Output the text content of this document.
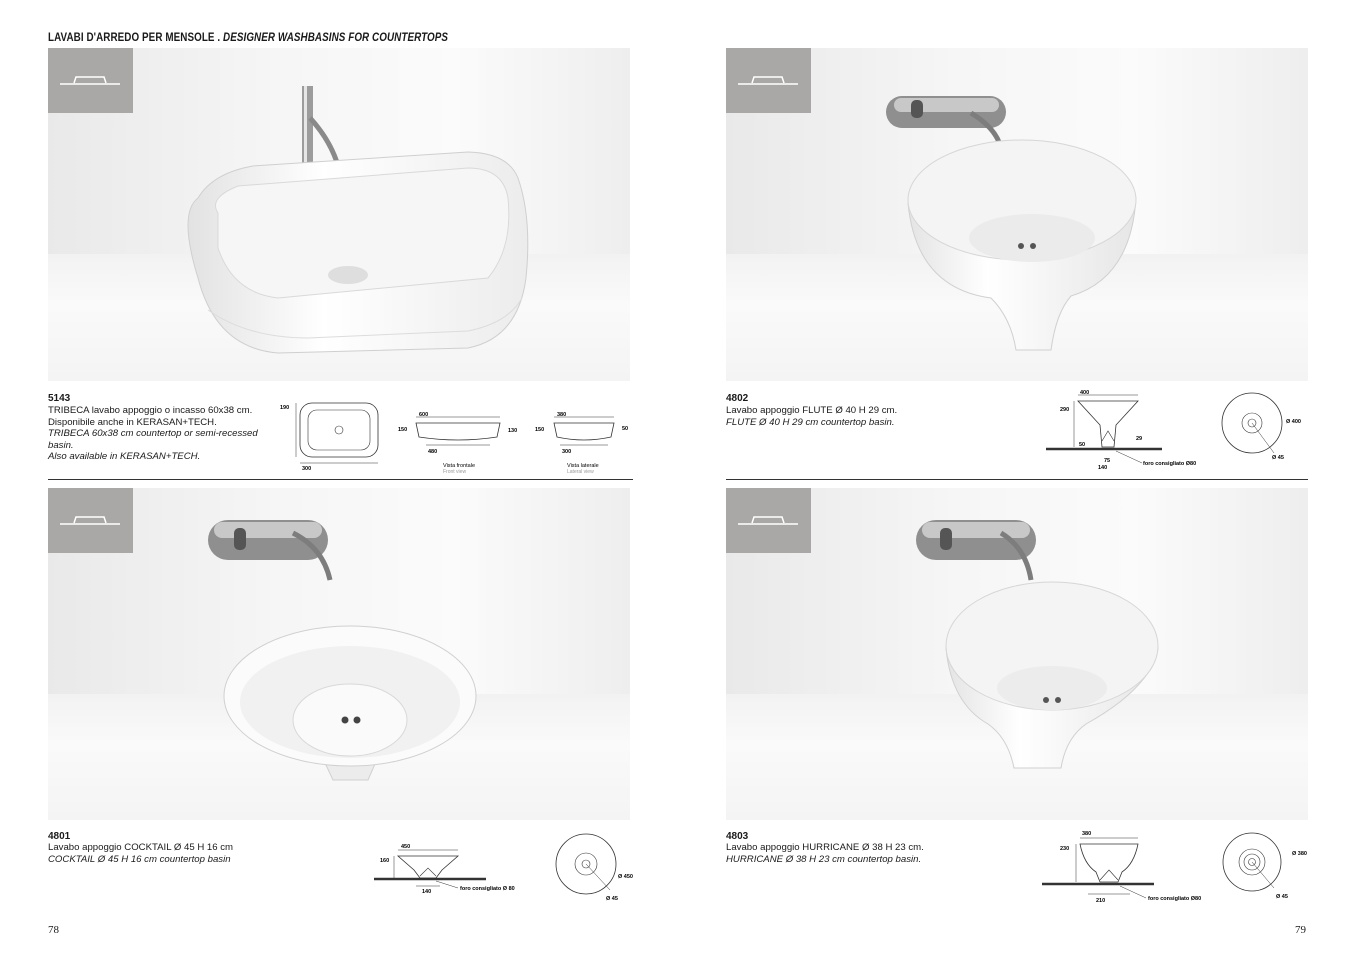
LAVABI D'ARREDO PER MENSOLE . DESIGNER WASHBASINS FOR COUNTERTOPS
5143
TRIBECA lavabo appoggio o incasso 60x38 cm.
Disponibile anche in KERASAN+TECH.
TRIBECA 60x38 cm countertop or semi-recessed
basin.
Also available in KERASAN+TECH.
190
300
600
150
480
130
Vista frontale
Front view
380
150
300
50
Vista laterale
Lateral view
4802
Lavabo appoggio FLUTE Ø 40 H 29 cm.
FLUTE Ø 40 H 29 cm countertop basin.
400
290
29
50
75
140
foro consigliato Ø80
Ø 400
Ø 45
4801
Lavabo appoggio COCKTAIL Ø 45 H 16 cm
COCKTAIL Ø 45 H 16 cm countertop basin
450
160
140	foro consigliato Ø 80
Ø 450
Ø 45
4803
Lavabo appoggio HURRICANE Ø 38 H 23 cm.
HURRICANE Ø 38 H 23 cm countertop basin.
380
230
210	foro consigliato Ø80
Ø 380
Ø 45
78	79
